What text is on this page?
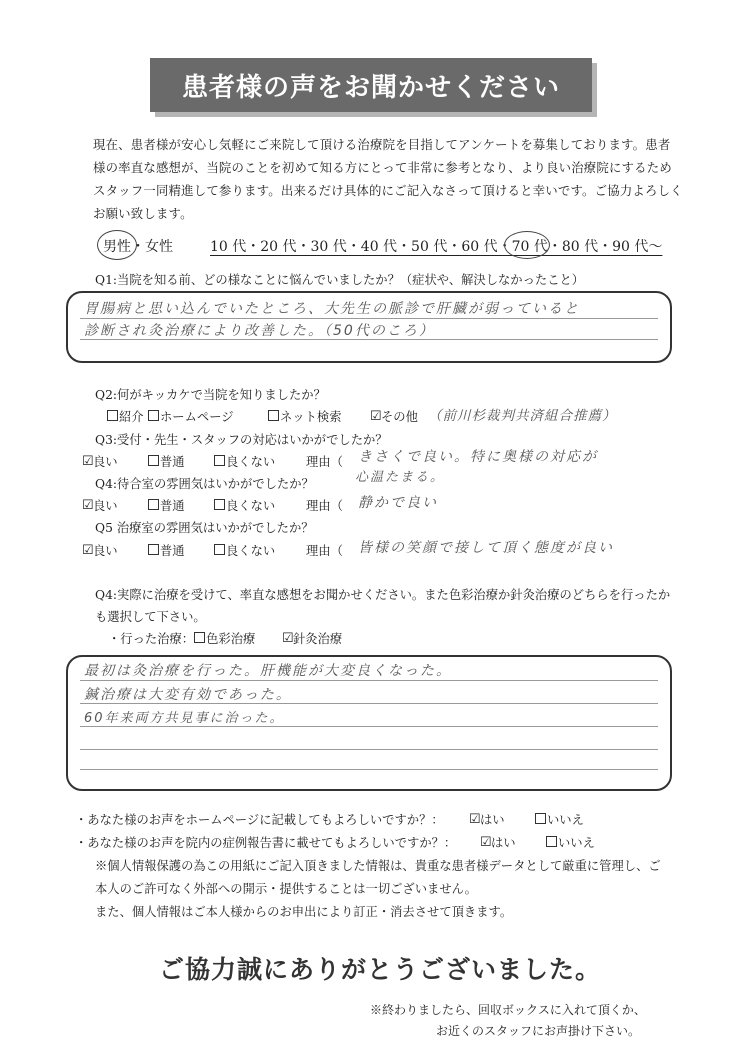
患者様の声をお聞かせください
現在、患者様が安心し気軽にご来院して頂ける治療院を目指してアンケートを募集しております。患者様の率直な感想が、当院のことを初めて知る方にとって非常に参考となり、より良い治療院にするためスタッフ一同精進して参ります。出来るだけ具体的にご記入なさって頂けると幸いです。ご協力よろしくお願い致します。
男性・女性	10 代・20 代・30 代・40 代・50 代・60 代・70 代・80 代・90 代～
Q1:当院を知る前、どの様なことに悩んでいましたか？（症状や、解決しなかったこと）
胃腸病と思い込んでいたところ、大先生の脈診で肝臓が弱っていると
診断され灸治療により改善した。（50代のころ）
Q2:何がキッカケで当院を知りましたか？
紹介	ホームページ	ネット検索 ☑その他 （前川杉裁判共済組合推薦）
Q3:受付・先生・スタッフの対応はいかがでしたか？
☑良い	普通	良くない	理由（ きさくで良い。特に奥様の対応が
心温たまる。
Q4:待合室の雰囲気はいかがでしたか？
☑良い	普通	良くない	理由（ 静かで良い
Q5 治療室の雰囲気はいかがでしたか？
☑良い	普通	良くない	理由（ 皆様の笑顔で接して頂く態度が良い
Q4:実際に治療を受けて、率直な感想をお聞かせください。また色彩治療か針灸治療のどちらを行ったか
も選択して下さい。
・行った治療： 色彩治療 ☑針灸治療
最初は灸治療を行った。肝機能が大変良くなった。
鍼治療は大変有効であった。
60年来両方共見事に治った。
・あなた様のお声をホームページに記載してもよろしいですか？： ☑はい	いいえ
・あなた様のお声を院内の症例報告書に載せてもよろしいですか？： ☑はい	いいえ
※個人情報保護の為この用紙にご記入頂きました情報は、貴重な患者様データとして厳重に管理し、ご
本人のご許可なく外部への開示・提供することは一切ございません。
また、個人情報はご本人様からのお申出により訂正・消去させて頂きます。
ご協力誠にありがとうございました。
※終わりましたら、回収ボックスに入れて頂くか、
お近くのスタッフにお声掛け下さい。
